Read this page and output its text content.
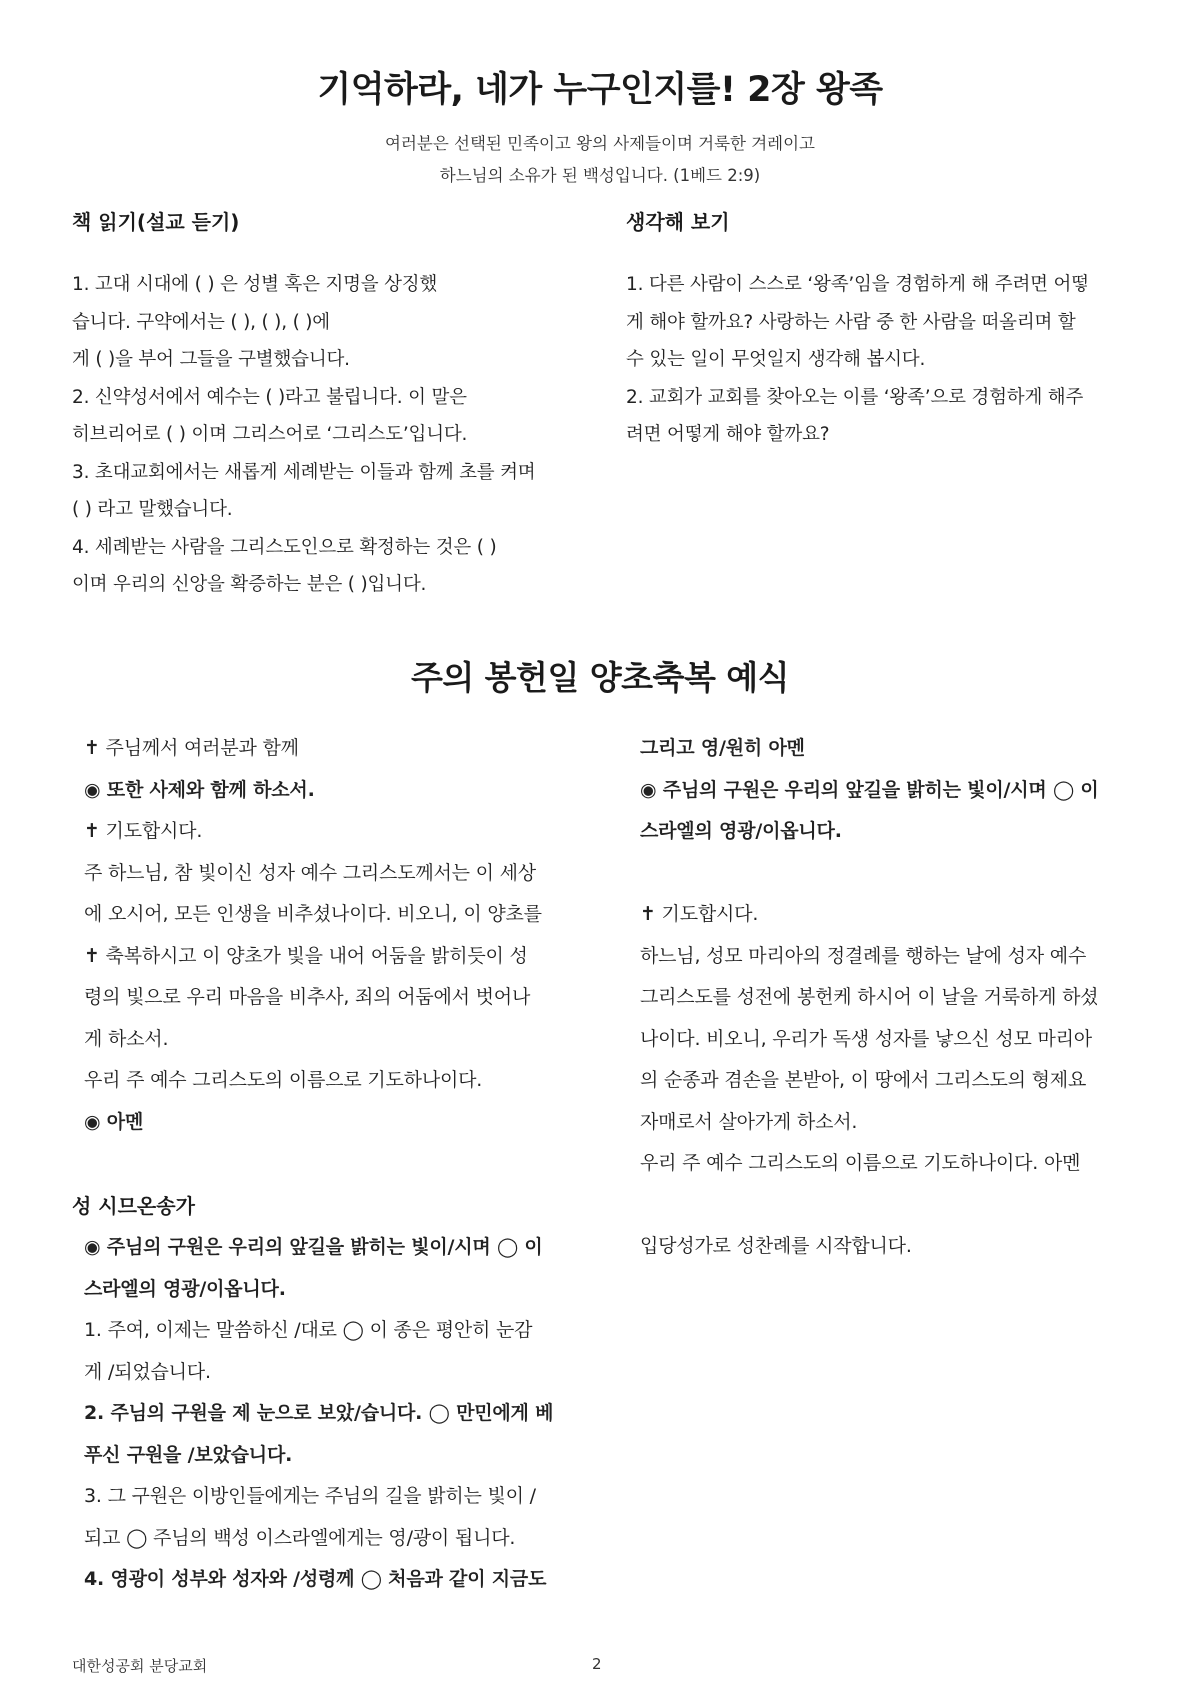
기억하라, 네가 누구인지를! 2장 왕족
여러분은 선택된 민족이고 왕의 사제들이며 거룩한 겨레이고
하느님의 소유가 된 백성입니다. (1베드 2:9)
책 읽기(설교 듣기)	생각해 보기
1. 고대 시대에 ( ) 은 성별 혹은 지명을 상징했
습니다. 구약에서는 ( ), ( ), ( )에
게 ( )을 부어 그들을 구별했습니다.
2. 신약성서에서 예수는 ( )라고 불립니다. 이 말은
히브리어로 ( ) 이며 그리스어로 ‘그리스도’입니다.
3. 초대교회에서는 새롭게 세례받는 이들과 함께 초를 켜며
( ) 라고 말했습니다.
4. 세례받는 사람을 그리스도인으로 확정하는 것은 ( )
이며 우리의 신앙을 확증하는 분은 ( )입니다.
1. 다른 사람이 스스로 ‘왕족’임을 경험하게 해 주려면 어떻
게 해야 할까요? 사랑하는 사람 중 한 사람을 떠올리며 할
수 있는 일이 무엇일지 생각해 봅시다.
2. 교회가 교회를 찾아오는 이를 ‘왕족’으로 경험하게 해주
려면 어떻게 해야 할까요?
주의 봉헌일 양초축복 예식
✝ 주님께서 여러분과 함께
◉ 또한 사제와 함께 하소서.
✝ 기도합시다.
주 하느님, 참 빛이신 성자 예수 그리스도께서는 이 세상
에 오시어, 모든 인생을 비추셨나이다. 비오니, 이 양초를
✝ 축복하시고 이 양초가 빛을 내어 어둠을 밝히듯이 성
령의 빛으로 우리 마음을 비추사, 죄의 어둠에서 벗어나
게 하소서.
우리 주 예수 그리스도의 이름으로 기도하나이다.
◉ 아멘
성 시므온송가
◉ 주님의 구원은 우리의 앞길을 밝히는 빛이/시며 ◯ 이
스라엘의 영광/이옵니다.
1. 주여, 이제는 말씀하신 /대로 ◯ 이 종은 평안히 눈감
게 /되었습니다.
2. 주님의 구원을 제 눈으로 보았/습니다. ◯ 만민에게 베
푸신 구원을 /보았습니다.
3. 그 구원은 이방인들에게는 주님의 길을 밝히는 빛이 /
되고 ◯ 주님의 백성 이스라엘에게는 영/광이 됩니다.
4. 영광이 성부와 성자와 /성령께 ◯ 처음과 같이 지금도
그리고 영/원히 아멘
◉ 주님의 구원은 우리의 앞길을 밝히는 빛이/시며 ◯ 이
스라엘의 영광/이옵니다.
✝ 기도합시다.
하느님, 성모 마리아의 정결례를 행하는 날에 성자 예수
그리스도를 성전에 봉헌케 하시어 이 날을 거룩하게 하셨
나이다. 비오니, 우리가 독생 성자를 낳으신 성모 마리아
의 순종과 겸손을 본받아, 이 땅에서 그리스도의 형제요
자매로서 살아가게 하소서.
우리 주 예수 그리스도의 이름으로 기도하나이다. 아멘
입당성가로 성찬례를 시작합니다.
대한성공회 분당교회	2
